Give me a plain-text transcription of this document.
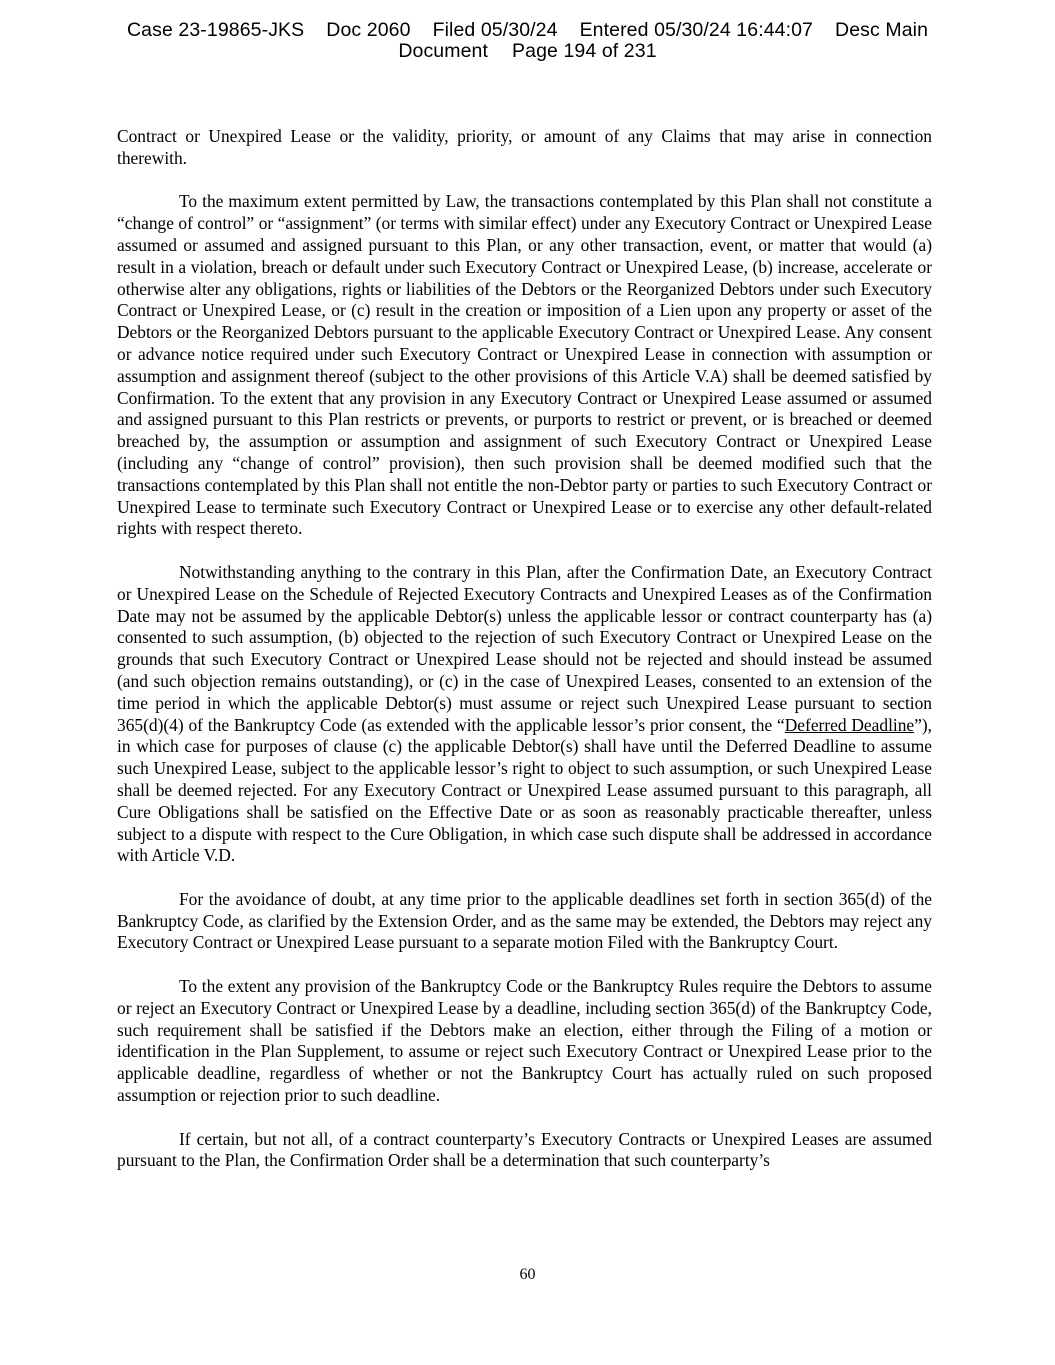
Case 23-19865-JKS Doc 2060 Filed 05/30/24 Entered 05/30/24 16:44:07 Desc Main
Document Page 194 of 231

Contract or Unexpired Lease or the validity, priority, or amount of any Claims that may arise in connection therewith.

To the maximum extent permitted by Law, the transactions contemplated by this Plan shall not constitute a “change of control” or “assignment” (or terms with similar effect) under any Executory Contract or Unexpired Lease assumed or assumed and assigned pursuant to this Plan, or any other transaction, event, or matter that would (a) result in a violation, breach or default under such Executory Contract or Unexpired Lease, (b) increase, accelerate or otherwise alter any obligations, rights or liabilities of the Debtors or the Reorganized Debtors under such Executory Contract or Unexpired Lease, or (c) result in the creation or imposition of a Lien upon any property or asset of the Debtors or the Reorganized Debtors pursuant to the applicable Executory Contract or Unexpired Lease. Any consent or advance notice required under such Executory Contract or Unexpired Lease in connection with assumption or assumption and assignment thereof (subject to the other provisions of this Article V.A) shall be deemed satisfied by Confirmation. To the extent that any provision in any Executory Contract or Unexpired Lease assumed or assumed and assigned pursuant to this Plan restricts or prevents, or purports to restrict or prevent, or is breached or deemed breached by, the assumption or assumption and assignment of such Executory Contract or Unexpired Lease (including any “change of control” provision), then such provision shall be deemed modified such that the transactions contemplated by this Plan shall not entitle the non-Debtor party or parties to such Executory Contract or Unexpired Lease to terminate such Executory Contract or Unexpired Lease or to exercise any other default-related rights with respect thereto.

Notwithstanding anything to the contrary in this Plan, after the Confirmation Date, an Executory Contract or Unexpired Lease on the Schedule of Rejected Executory Contracts and Unexpired Leases as of the Confirmation Date may not be assumed by the applicable Debtor(s) unless the applicable lessor or contract counterparty has (a) consented to such assumption, (b) objected to the rejection of such Executory Contract or Unexpired Lease on the grounds that such Executory Contract or Unexpired Lease should not be rejected and should instead be assumed (and such objection remains outstanding), or (c) in the case of Unexpired Leases, consented to an extension of the time period in which the applicable Debtor(s) must assume or reject such Unexpired Lease pursuant to section 365(d)(4) of the Bankruptcy Code (as extended with the applicable lessor’s prior consent, the “Deferred Deadline”), in which case for purposes of clause (c) the applicable Debtor(s) shall have until the Deferred Deadline to assume such Unexpired Lease, subject to the applicable lessor’s right to object to such assumption, or such Unexpired Lease shall be deemed rejected. For any Executory Contract or Unexpired Lease assumed pursuant to this paragraph, all Cure Obligations shall be satisfied on the Effective Date or as soon as reasonably practicable thereafter, unless subject to a dispute with respect to the Cure Obligation, in which case such dispute shall be addressed in accordance with Article V.D.

For the avoidance of doubt, at any time prior to the applicable deadlines set forth in section 365(d) of the Bankruptcy Code, as clarified by the Extension Order, and as the same may be extended, the Debtors may reject any Executory Contract or Unexpired Lease pursuant to a separate motion Filed with the Bankruptcy Court.

To the extent any provision of the Bankruptcy Code or the Bankruptcy Rules require the Debtors to assume or reject an Executory Contract or Unexpired Lease by a deadline, including section 365(d) of the Bankruptcy Code, such requirement shall be satisfied if the Debtors make an election, either through the Filing of a motion or identification in the Plan Supplement, to assume or reject such Executory Contract or Unexpired Lease prior to the applicable deadline, regardless of whether or not the Bankruptcy Court has actually ruled on such proposed assumption or rejection prior to such deadline.

If certain, but not all, of a contract counterparty’s Executory Contracts or Unexpired Leases are assumed pursuant to the Plan, the Confirmation Order shall be a determination that such counterparty’s

60
